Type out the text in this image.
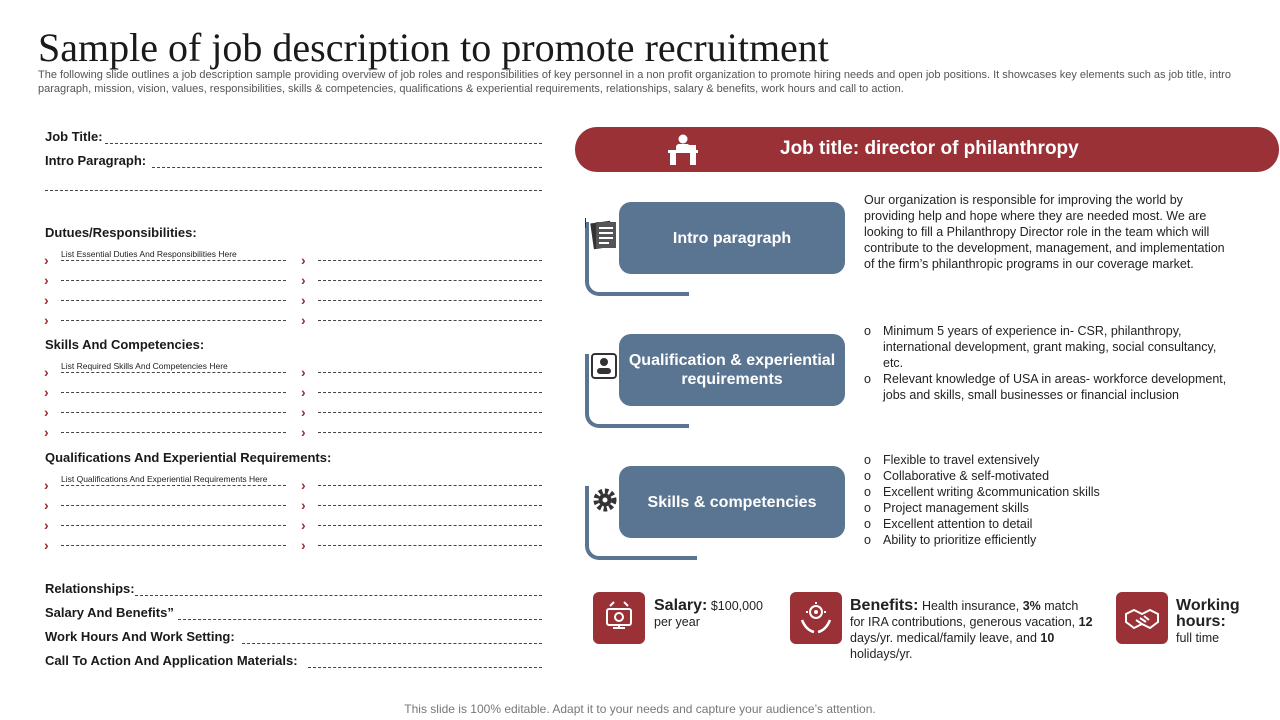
Sample of job description to promote recruitment
The following slide outlines a job description sample providing overview of job roles and responsibilities of key personnel in a non profit organization to promote hiring needs and open job positions. It showcases key elements such as job title, intro paragraph, mission, vision, values, responsibilities, skills & competencies, qualifications & experiential requirements, relationships, salary & benefits, work hours and call to action.
Job Title:
Intro Paragraph:
Dutues/Responsibilities:
List Essential Duties And Responsibilities Here
Skills And Competencies:
List Required Skills And Competencies Here
Qualifications And Experiential Requirements:
List Qualifications And Experiential Requirements Here
Relationships:
Salary And Benefits”
Work Hours And Work Setting:
Call To Action And Application Materials:
Job title: director of philanthropy
Intro paragraph
Our organization is responsible for improving the world by providing help and hope where they are needed most. We are looking to fill a Philanthropy Director role in the team which will contribute to the development, management, and implementation of the firm’s philanthropic programs in our coverage market.
Qualification & experiential requirements
o Minimum 5 years of experience in- CSR, philanthropy, international development, grant making, social consultancy, etc.
o Relevant knowledge of USA in areas- workforce development, jobs and skills, small businesses or financial inclusion
Skills & competencies
o Flexible to travel extensively
o Collaborative & self-motivated
o Excellent writing &communication skills
o Project management skills
o Excellent attention to detail
o Ability to prioritize efficiently
Salary: $100,000
per year
Benefits: Health insurance, 3% match for IRA contributions, generous vacation, 12 days/yr. medical/family leave, and 10 holidays/yr.
Working hours:
full time
This slide is 100% editable. Adapt it to your needs and capture your audience’s attention.
›	›
›	›
›	›
›	›
›	›
›	›
›	›
›	›
›	›
›	›
›	›
›	›
